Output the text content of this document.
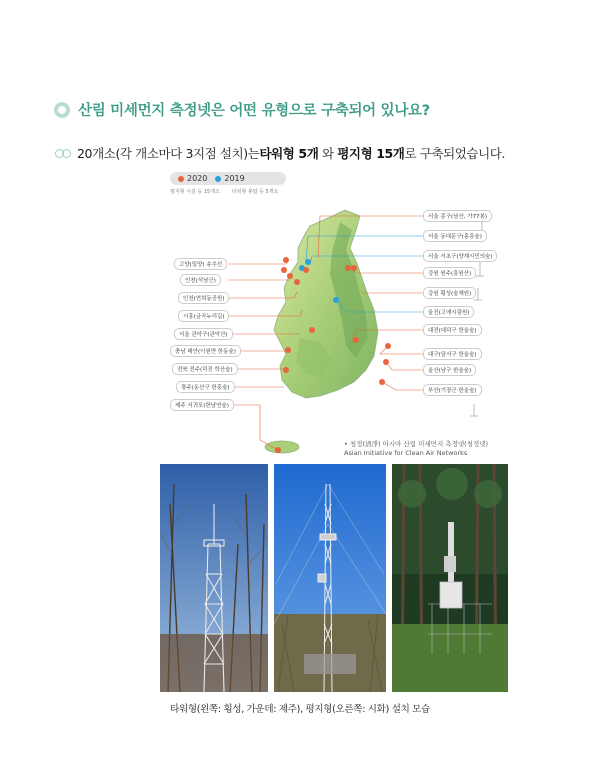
산림 미세먼지 측정넷은 어떤 유형으로 구축되어 있나요?
20개소(각 개소마다 3지점 설치)는 타워형 5개 와 평지형 15개 로 구축되었습니다.
2020 2019
평지형 시설 등 15개소 타워형 봉탑 등 5개소
고양(밀양) 송추선
인천(석남군)
인천(연희동공원)
시흥(금곡누리길)
서울 관악구(관악산)
충남 태안(이원면 한동숲)
전북 전주(덕진 학산숲)
광주(동산구 한흥숲)
제주 서귀포(한남연숲)
서울 종구(남산, 가77봉)
서울 동대문구(홍릉숲)
서울 서초구(양재시민의숲)
강원 원주(흥원산)
강원 횡성(숲체원)
울진(고애시림원)
대전(대덕구 한울숲)
대구(달서구 한울숲)
울산(남구 한울숲)
부산(기장군 한울숲)
• 청정(清淨) 아시아 산림 미세먼지 측정넷(청정넷)
Asian Initiative for Clean Air Networks
타워형(왼쪽: 횡성, 가운데: 제주), 평지형(오른쪽: 시화) 설치 모습
